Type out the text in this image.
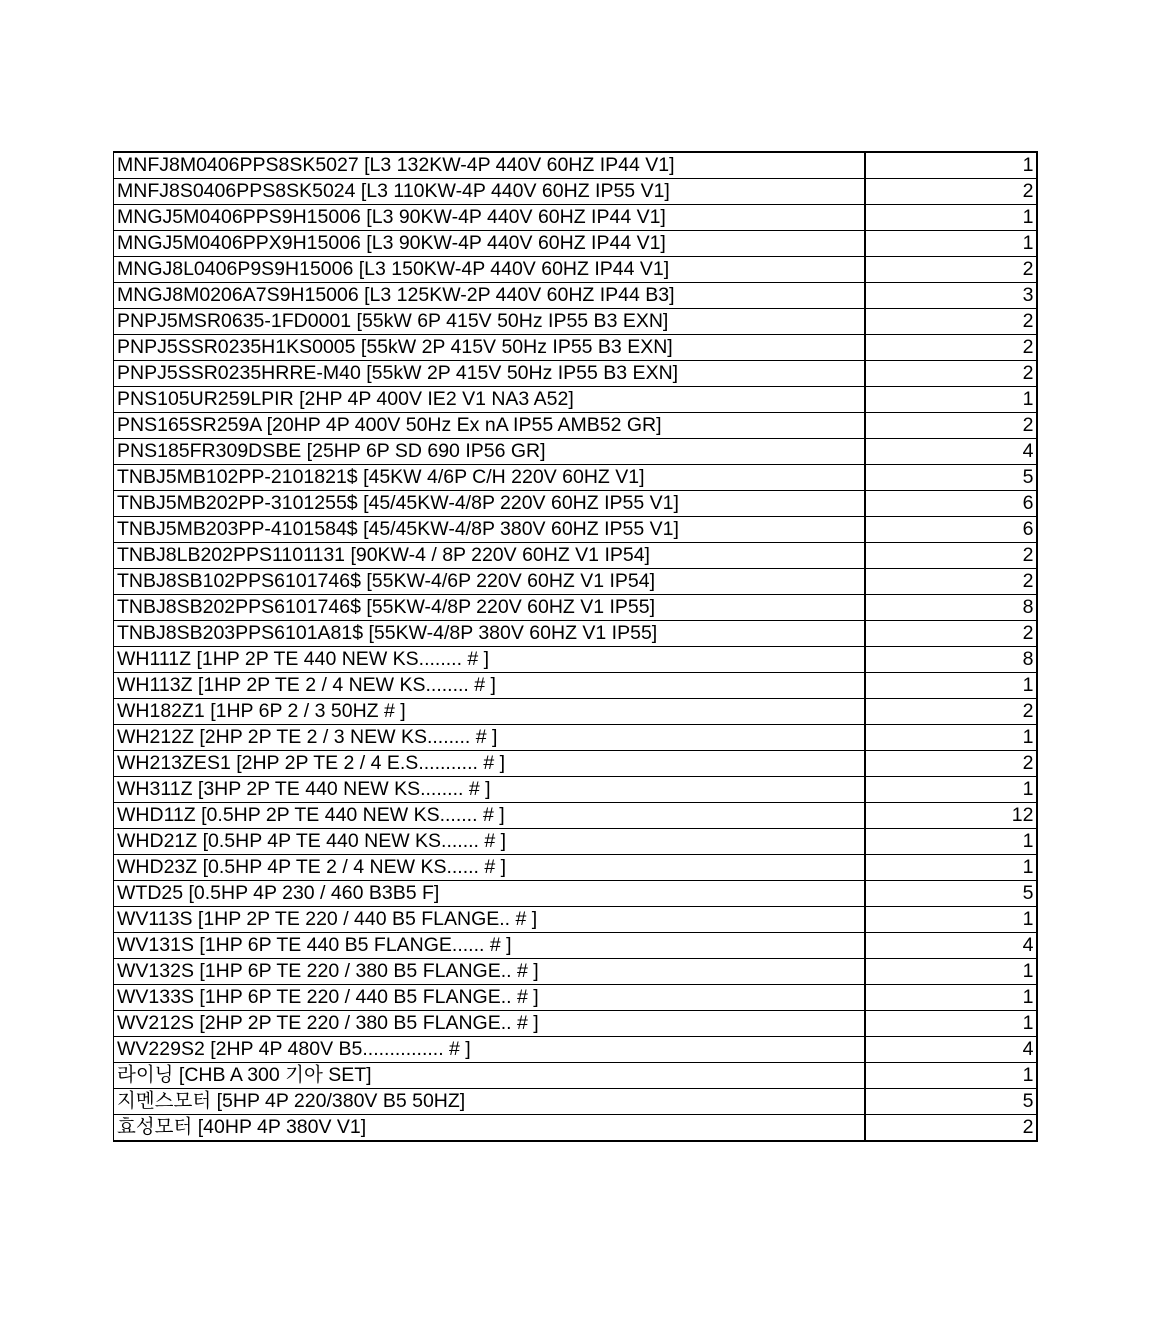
MNFJ8M0406PPS8SK5027 [L3 132KW-4P 440V 60HZ IP44 V1]	1
MNFJ8S0406PPS8SK5024 [L3 110KW-4P 440V 60HZ IP55 V1]	2
MNGJ5M0406PPS9H15006 [L3 90KW-4P 440V 60HZ IP44 V1]	1
MNGJ5M0406PPX9H15006 [L3 90KW-4P 440V 60HZ IP44 V1]	1
MNGJ8L0406P9S9H15006 [L3 150KW-4P 440V 60HZ IP44 V1]	2
MNGJ8M0206A7S9H15006 [L3 125KW-2P 440V 60HZ IP44 B3]	3
PNPJ5MSR0635-1FD0001 [55kW 6P 415V 50Hz IP55 B3 EXN]	2
PNPJ5SSR0235H1KS0005 [55kW 2P 415V 50Hz IP55 B3 EXN]	2
PNPJ5SSR0235HRRE-M40 [55kW 2P 415V 50Hz IP55 B3 EXN]	2
PNS105UR259LPIR [2HP 4P 400V IE2 V1 NA3 A52]	1
PNS165SR259A [20HP 4P 400V 50Hz Ex nA IP55 AMB52 GR]	2
PNS185FR309DSBE [25HP 6P SD 690 IP56 GR]	4
TNBJ5MB102PP-2101821$ [45KW 4/6P C/H 220V 60HZ V1]	5
TNBJ5MB202PP-3101255$ [45/45KW-4/8P 220V 60HZ IP55 V1]	6
TNBJ5MB203PP-4101584$ [45/45KW-4/8P 380V 60HZ IP55 V1]	6
TNBJ8LB202PPS1101131 [90KW-4 / 8P 220V 60HZ V1 IP54]	2
TNBJ8SB102PPS6101746$ [55KW-4/6P 220V 60HZ V1 IP54]	2
TNBJ8SB202PPS6101746$ [55KW-4/8P 220V 60HZ V1 IP55]	8
TNBJ8SB203PPS6101A81$ [55KW-4/8P 380V 60HZ V1 IP55]	2
WH111Z [1HP 2P TE 440 NEW KS........ # ]	8
WH113Z [1HP 2P TE 2 / 4 NEW KS........ # ]	1
WH182Z1 [1HP 6P 2 / 3 50HZ # ]	2
WH212Z [2HP 2P TE 2 / 3 NEW KS........ # ]	1
WH213ZES1 [2HP 2P TE 2 / 4 E.S........... # ]	2
WH311Z [3HP 2P TE 440 NEW KS........ # ]	1
WHD11Z [0.5HP 2P TE 440 NEW KS....... # ]	12
WHD21Z [0.5HP 4P TE 440 NEW KS....... # ]	1
WHD23Z [0.5HP 4P TE 2 / 4 NEW KS...... # ]	1
WTD25 [0.5HP 4P 230 / 460 B3B5 F]	5
WV113S [1HP 2P TE 220 / 440 B5 FLANGE.. # ]	1
WV131S [1HP 6P TE 440 B5 FLANGE...... # ]	4
WV132S [1HP 6P TE 220 / 380 B5 FLANGE.. # ]	1
WV133S [1HP 6P TE 220 / 440 B5 FLANGE.. # ]	1
WV212S [2HP 2P TE 220 / 380 B5 FLANGE.. # ]	1
WV229S2 [2HP 4P 480V B5............... # ]	4
라이닝 [CHB A 300 기아 SET]	1
지멘스모터 [5HP 4P 220/380V B5 50HZ]	5
효성모터 [40HP 4P 380V V1]	2
